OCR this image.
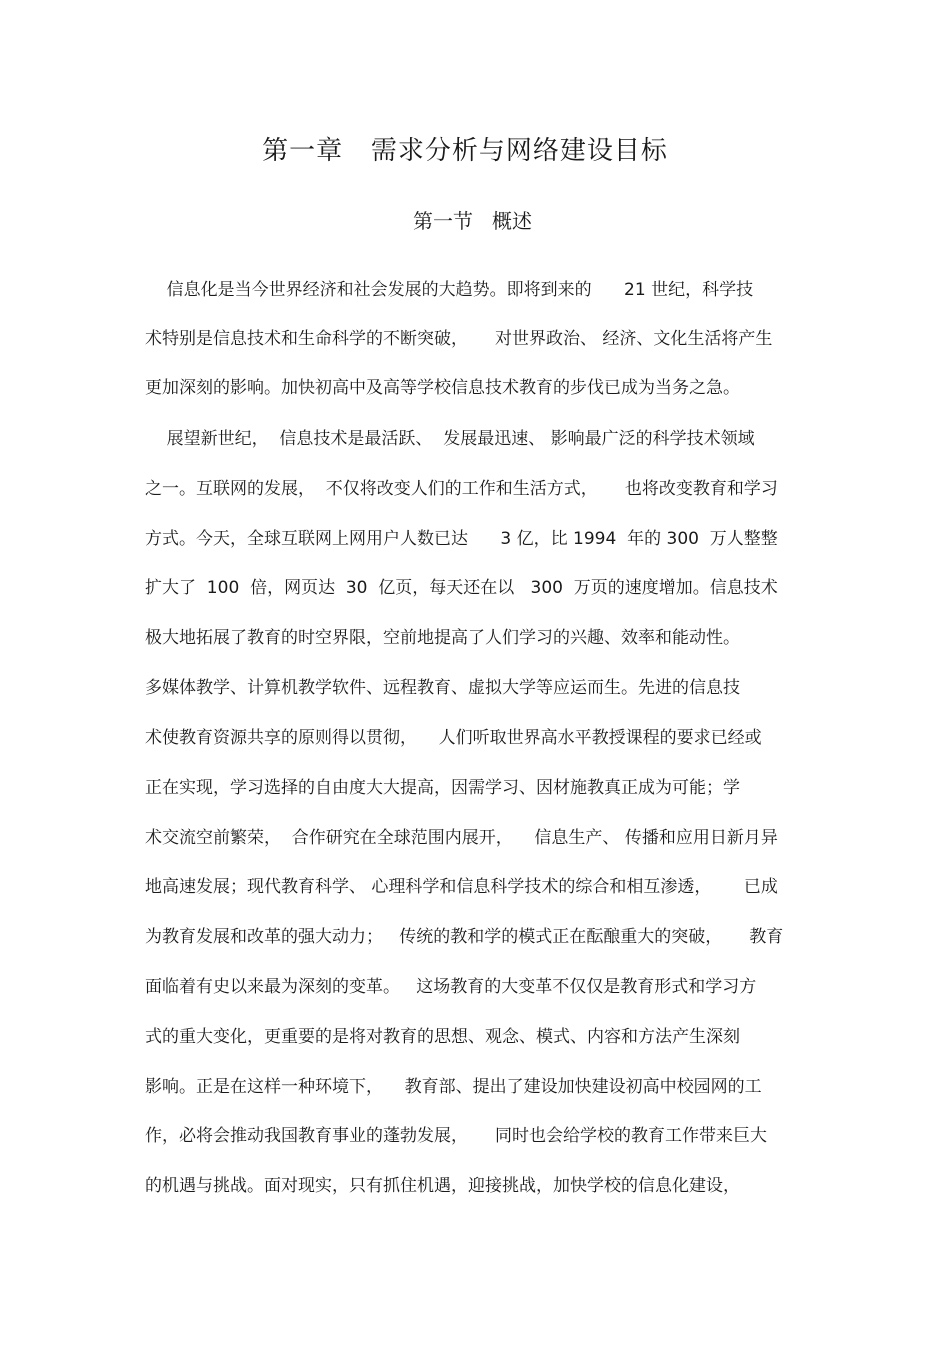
第一章   需求分析与网络建设目标
第一节   概述
信息化是当今世界经济和社会发展的大趋势。即将到来的      21 世纪，科学技
术特别是信息技术和生命科学的不断突破，     对世界政治、 经济、文化生活将产生
更加深刻的影响。加快初高中及高等学校信息技术教育的步伐已成为当务之急。
展望新世纪，  信息技术是最活跃、  发展最迅速、 影响最广泛的科学技术领域
之一。互联网的发展，  不仅将改变人们的工作和生活方式，     也将改变教育和学习
方式。今天，全球互联网上网用户人数已达      3 亿，比 1994  年的 300  万人整整
扩大了  100  倍，网页达  30  亿页，每天还在以   300  万页的速度增加。信息技术
极大地拓展了教育的时空界限，空前地提高了人们学习的兴趣、效率和能动性。
多媒体教学、计算机教学软件、远程教育、虚拟大学等应运而生。先进的信息技
术使教育资源共享的原则得以贯彻，    人们听取世界高水平教授课程的要求已经或
正在实现，学习选择的自由度大大提高，因需学习、因材施教真正成为可能；学
术交流空前繁荣，  合作研究在全球范围内展开，    信息生产、 传播和应用日新月异
地高速发展；现代教育科学、 心理科学和信息科学技术的综合和相互渗透，      已成
为教育发展和改革的强大动力；   传统的教和学的模式正在酝酿重大的突破，     教育
面临着有史以来最为深刻的变革。   这场教育的大变革不仅仅是教育形式和学习方
式的重大变化，更重要的是将对教育的思想、观念、模式、内容和方法产生深刻
影响。正是在这样一种环境下，    教育部、提出了建设加快建设初高中校园网的工
作，必将会推动我国教育事业的蓬勃发展，     同时也会给学校的教育工作带来巨大
的机遇与挑战。面对现实，只有抓住机遇，迎接挑战，加快学校的信息化建设，
